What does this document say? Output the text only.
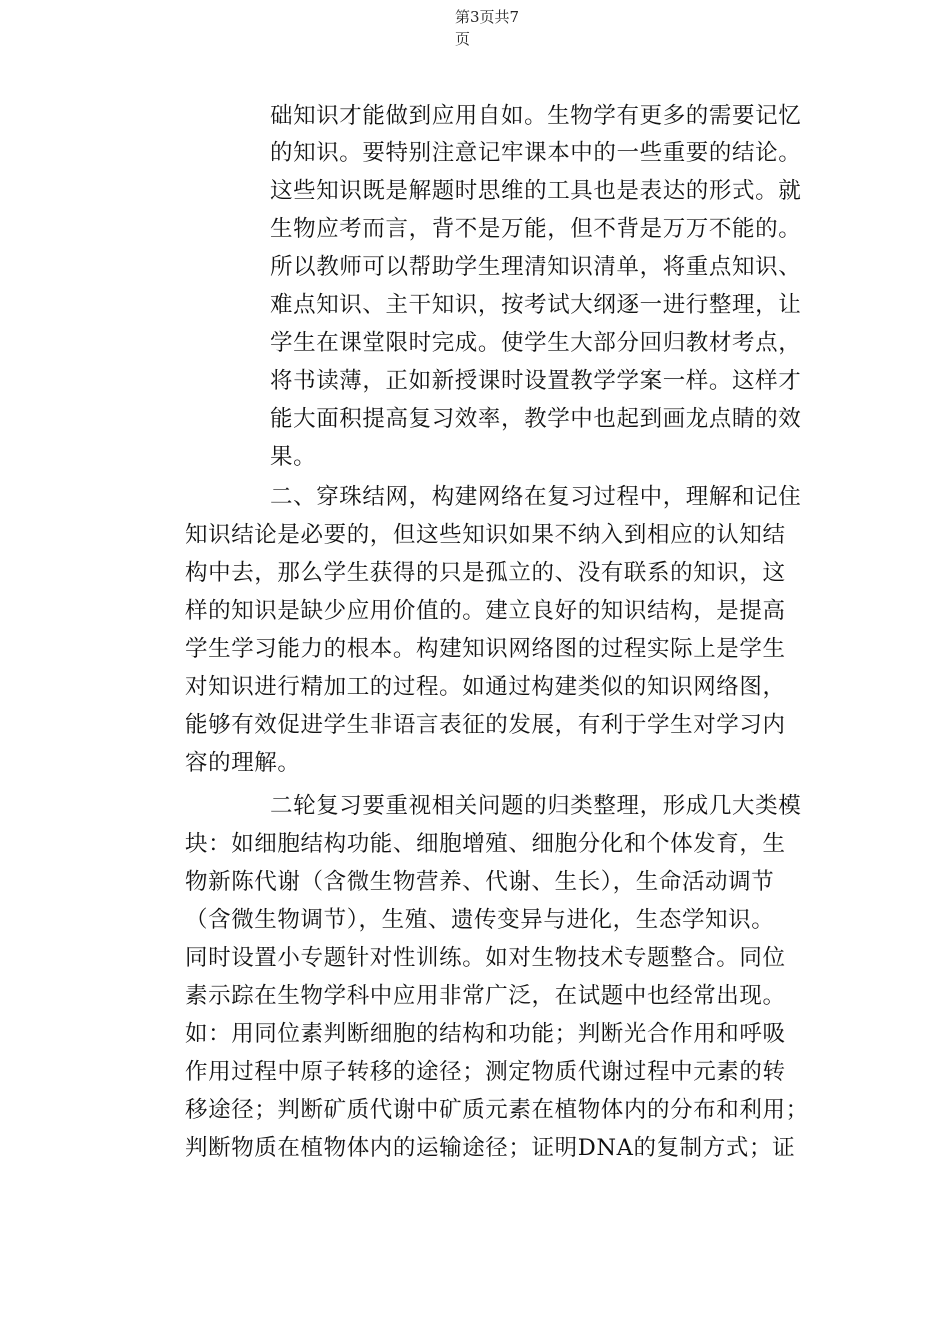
第3页共7
页
础知识才能做到应用自如。生物学有更多的需要记忆
的知识。要特别注意记牢课本中的一些重要的结论。
这些知识既是解题时思维的工具也是表达的形式。就
生物应考而言，背不是万能，但不背是万万不能的。
所以教师可以帮助学生理清知识清单，将重点知识、
难点知识、主干知识，按考试大纲逐一进行整理，让
学生在课堂限时完成。使学生大部分回归教材考点，
将书读薄，正如新授课时设置教学学案一样。这样才
能大面积提高复习效率，教学中也起到画龙点睛的效
果。
二、穿珠结网，构建网络在复习过程中，理解和记住
知识结论是必要的，但这些知识如果不纳入到相应的认知结
构中去，那么学生获得的只是孤立的、没有联系的知识，这
样的知识是缺少应用价值的。建立良好的知识结构，是提高
学生学习能力的根本。构建知识网络图的过程实际上是学生
对知识进行精加工的过程。如通过构建类似的知识网络图，
能够有效促进学生非语言表征的发展，有利于学生对学习内
容的理解。
二轮复习要重视相关问题的归类整理，形成几大类模
块：如细胞结构功能、细胞增殖、细胞分化和个体发育，生
物新陈代谢（含微生物营养、代谢、生长），生命活动调节
（含微生物调节），生殖、遗传变异与进化，生态学知识。
同时设置小专题针对性训练。如对生物技术专题整合。同位
素示踪在生物学科中应用非常广泛，在试题中也经常出现。
如：用同位素判断细胞的结构和功能；判断光合作用和呼吸
作用过程中原子转移的途径；测定物质代谢过程中元素的转
移途径；判断矿质代谢中矿质元素在植物体内的分布和利用；
判断物质在植物体内的运输途径；证明DNA的复制方式；证
